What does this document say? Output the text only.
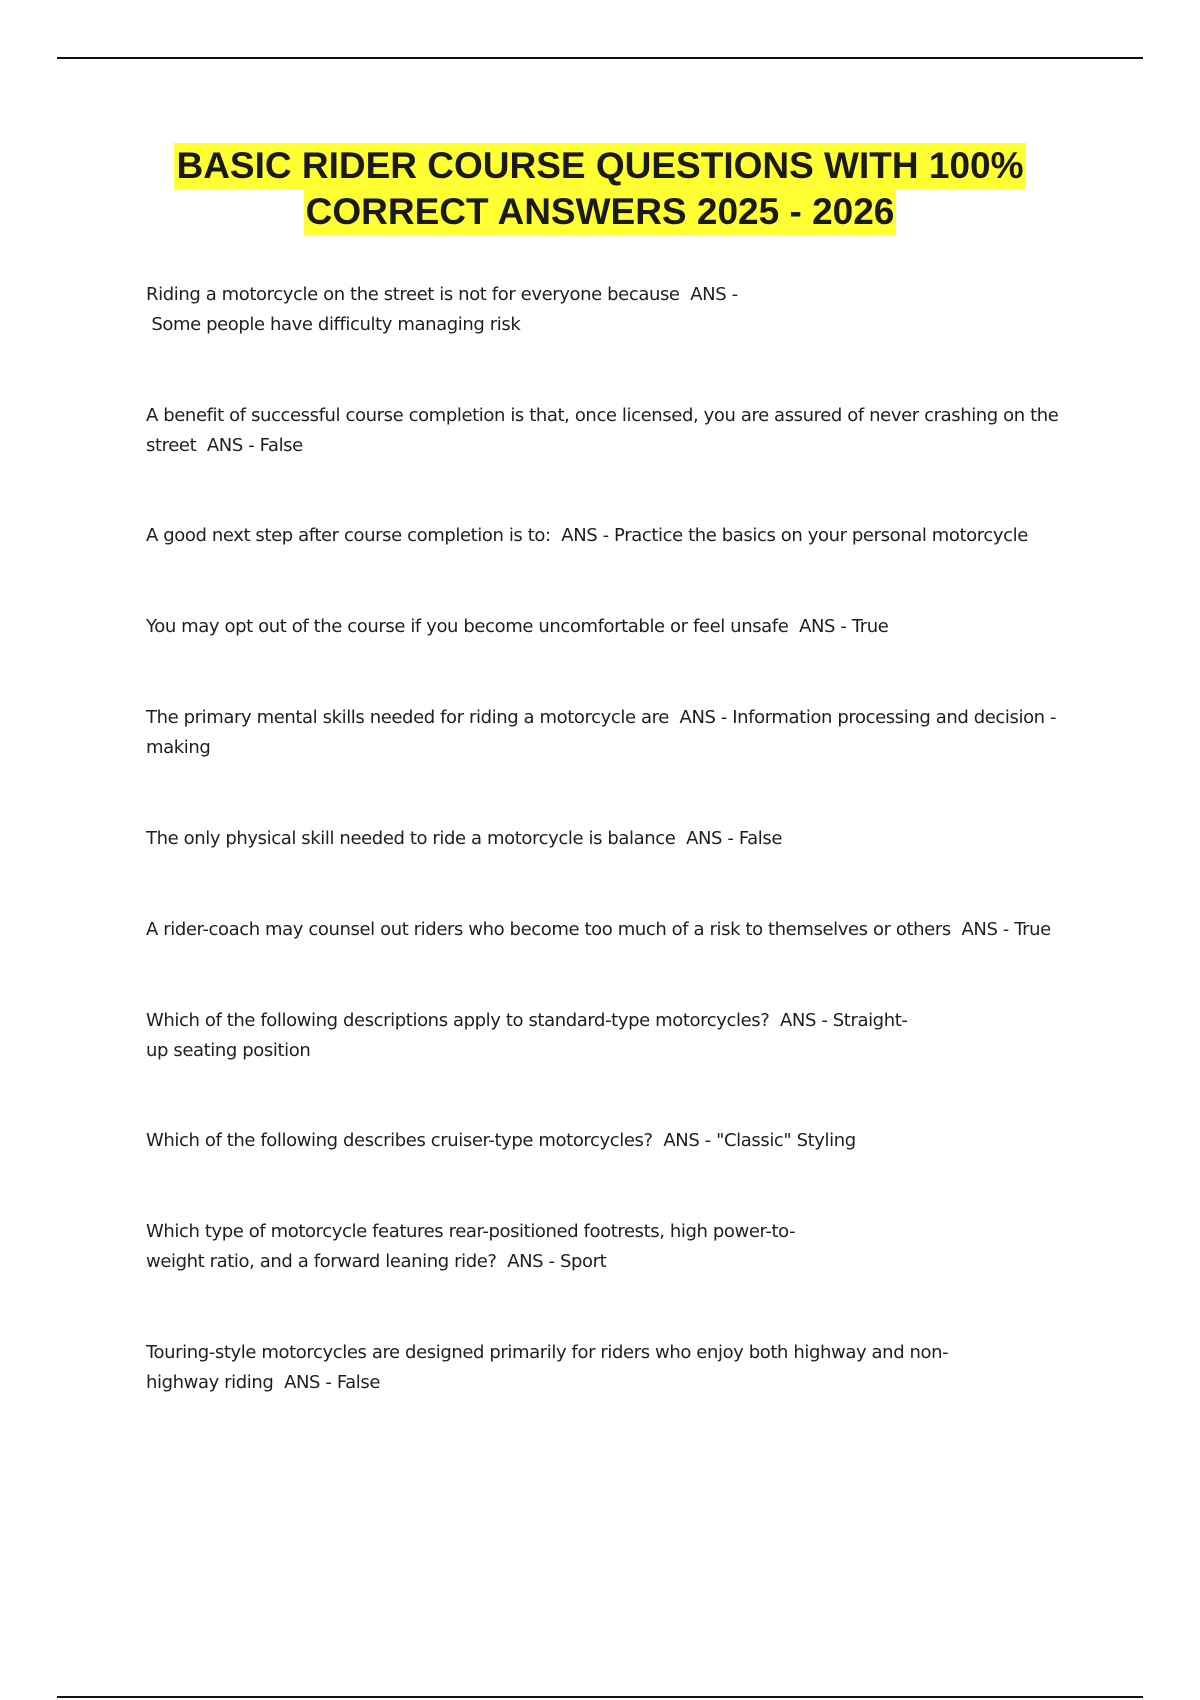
BASIC RIDER COURSE QUESTIONS WITH 100%
CORRECT ANSWERS 2025 - 2026
Riding a motorcycle on the street is not for everyone because  ANS -
Some people have difficulty managing risk
A benefit of successful course completion is that, once licensed, you are assured of never crashing on the
street  ANS - False
A good next step after course completion is to:  ANS - Practice the basics on your personal motorcycle
You may opt out of the course if you become uncomfortable or feel unsafe  ANS - True
The primary mental skills needed for riding a motorcycle are  ANS - Information processing and decision -
making
The only physical skill needed to ride a motorcycle is balance  ANS - False
A rider-coach may counsel out riders who become too much of a risk to themselves or others  ANS - True
Which of the following descriptions apply to standard-type motorcycles?  ANS - Straight-
up seating position
Which of the following describes cruiser-type motorcycles?  ANS - "Classic" Styling
Which type of motorcycle features rear-positioned footrests, high power-to-
weight ratio, and a forward leaning ride?  ANS - Sport
Touring-style motorcycles are designed primarily for riders who enjoy both highway and non-
highway riding  ANS - False
